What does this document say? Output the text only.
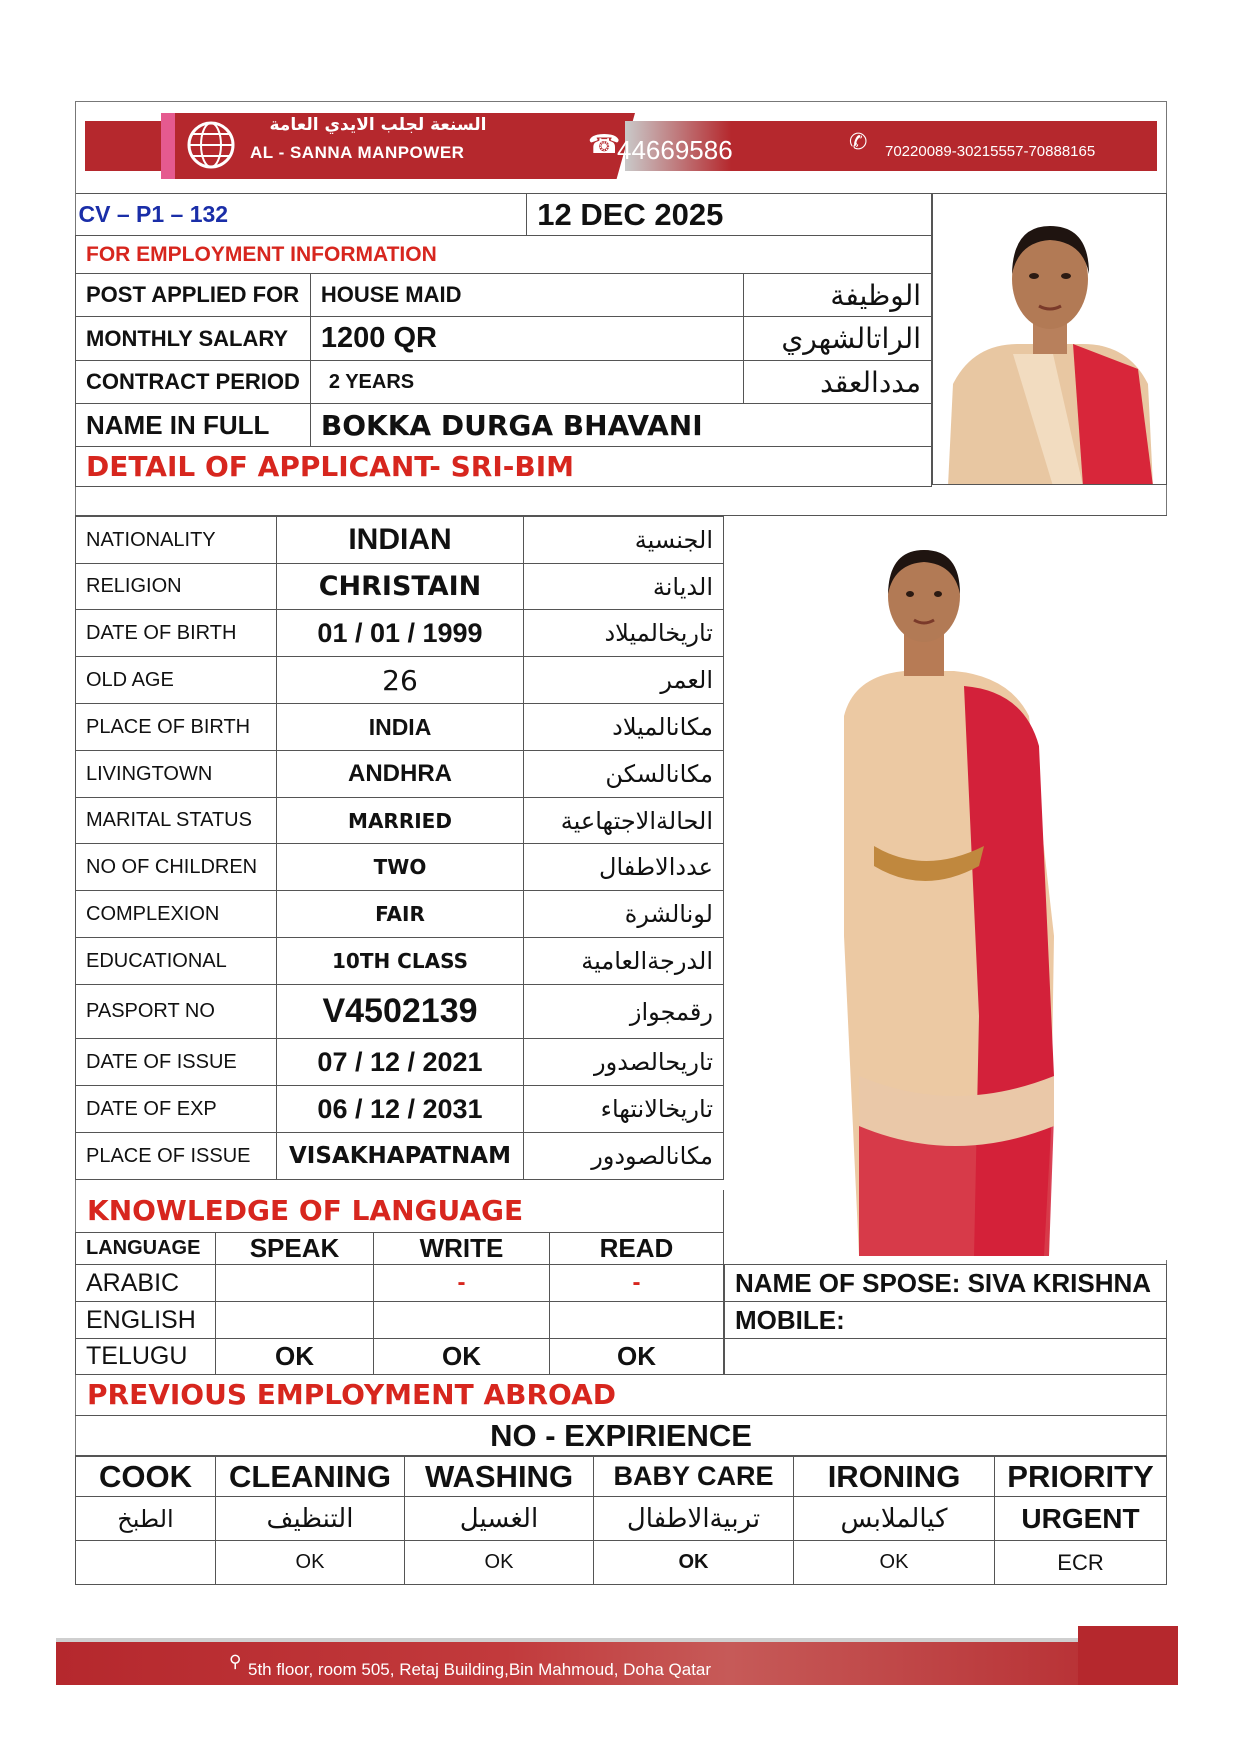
السنعة لجلب الايدي العامة
AL - SANNA MANPOWER	☎
44669586	✆ 70220089-30215557-70888165
CV – P1 – 132		12 DEC 2025	
FOR EMPLOYMENT INFORMATION			
POST APPLIED FOR	HOUSE MAID		الوظيفة
MONTHLY SALARY	1200 QR		الراتالشهري
CONTRACT PERIOD	2 YEARS		مددالعقد
NAME IN FULL	BOKKA DURGA BHAVANI		
DETAIL OF APPLICANT- SRI-BIM			
NATIONALITY	INDIAN	الجنسية
RELIGION	CHRISTAIN	الديانة
DATE OF BIRTH	01 / 01 / 1999	تاريخالميلاد
OLD AGE	26	العمر
PLACE OF BIRTH	INDIA	مكانالميلاد
LIVINGTOWN	ANDHRA	مكانالسكن
MARITAL STATUS	MARRIED	الحالةالاجتهاعية
NO OF CHILDREN	TWO	عددالاطفال
COMPLEXION	FAIR	لونالشرة
EDUCATIONAL	10TH CLASS	الدرجةالعامية
PASPORT NO	V4502139	رقمجواز
DATE OF ISSUE	07 / 12 / 2021	تاريحالصدور
DATE OF EXP	06 / 12 / 2031	تاريخالانتهاء
PLACE OF ISSUE	VISAKHAPATNAM	مكانالصودور
KNOWLEDGE OF LANGUAGE
LANGUAGE	SPEAK	WRITE	READ
ARABIC		-	-
ENGLISH			
TELUGU	OK	OK	OK
NAME OF SPOSE: SIVA KRISHNA
MOBILE:

PREVIOUS EMPLOYMENT ABROAD
NO - EXPIRIENCE
COOK	CLEANING	WASHING	BABY CARE	IRONING	PRIORITY
الطبخ	التنظيف	الغسيل	تربيةالاطفال	كيالملابس	URGENT
	OK	OK	OK	OK	ECR
⚲ 5th floor, room 505, Retaj Building,Bin Mahmoud, Doha Qatar
